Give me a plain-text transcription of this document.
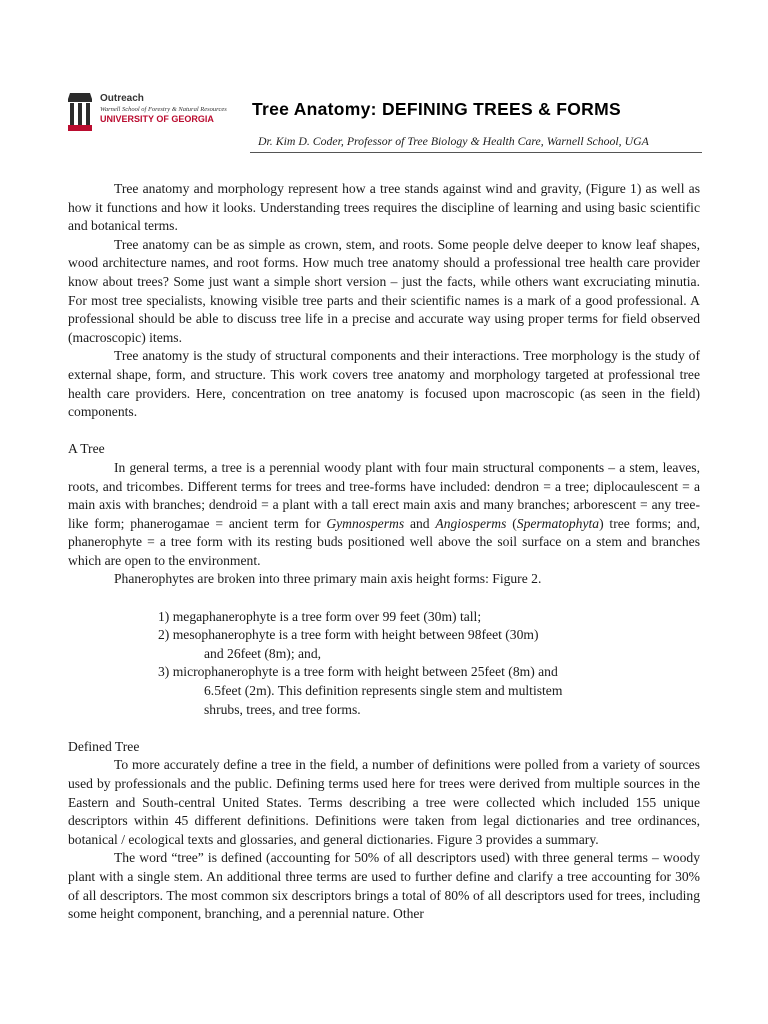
Outreach
Warnell School of Forestry & Natural Resources
UNIVERSITY OF GEORGIA	Tree Anatomy: DEFINING TREES & FORMS
Dr. Kim D. Coder, Professor of Tree Biology & Health Care, Warnell School, UGA

Tree anatomy and morphology represent how a tree stands against wind and gravity, (Figure 1) as well as how it functions and how it looks. Understanding trees requires the discipline of learning and using basic scientific and botanical terms.

Tree anatomy can be as simple as crown, stem, and roots. Some people delve deeper to know leaf shapes, wood architecture names, and root forms. How much tree anatomy should a professional tree health care provider know about trees? Some just want a simple short version – just the facts, while others want excruciating minutia. For most tree specialists, knowing visible tree parts and their scientific names is a mark of a good professional. A professional should be able to discuss tree life in a precise and accurate way using proper terms for field observed (macroscopic) items.

Tree anatomy is the study of structural components and their interactions. Tree morphology is the study of external shape, form, and structure. This work covers tree anatomy and morphology targeted at professional tree health care providers. Here, concentration on tree anatomy is focused upon macroscopic (as seen in the field) components.

A Tree

In general terms, a tree is a perennial woody plant with four main structural components – a stem, leaves, roots, and tricombes. Different terms for trees and tree-forms have included: dendron = a tree; diplocaulescent = a main axis with branches; dendroid = a plant with a tall erect main axis and many branches; arborescent = any tree-like form; phanerogamae = ancient term for Gymnosperms and Angiosperms (Spermatophyta) tree forms; and, phanerophyte = a tree form with its resting buds positioned well above the soil surface on a stem and branches which are open to the environment.

Phanerophytes are broken into three primary main axis height forms: Figure 2.

1) megaphanerophyte is a tree form over 99 feet (30m) tall;

2) mesophanerophyte is a tree form with height between 98feet (30m)

and 26feet (8m); and,

3) microphanerophyte is a tree form with height between 25feet (8m) and

6.5feet (2m). This definition represents single stem and multistem

shrubs, trees, and tree forms.

Defined Tree

To more accurately define a tree in the field, a number of definitions were polled from a variety of sources used by professionals and the public. Defining terms used here for trees were derived from multiple sources in the Eastern and South-central United States. Terms describing a tree were collected which included 155 unique descriptors within 45 different definitions. Definitions were taken from legal dictionaries and tree ordinances, botanical / ecological texts and glossaries, and general dictionaries. Figure 3 provides a summary.

The word “tree” is defined (accounting for 50% of all descriptors used) with three general terms – woody plant with a single stem. An additional three terms are used to further define and clarify a tree accounting for 30% of all descriptors. The most common six descriptors brings a total of 80% of all descriptors used for trees, including some height component, branching, and a perennial nature. Other
